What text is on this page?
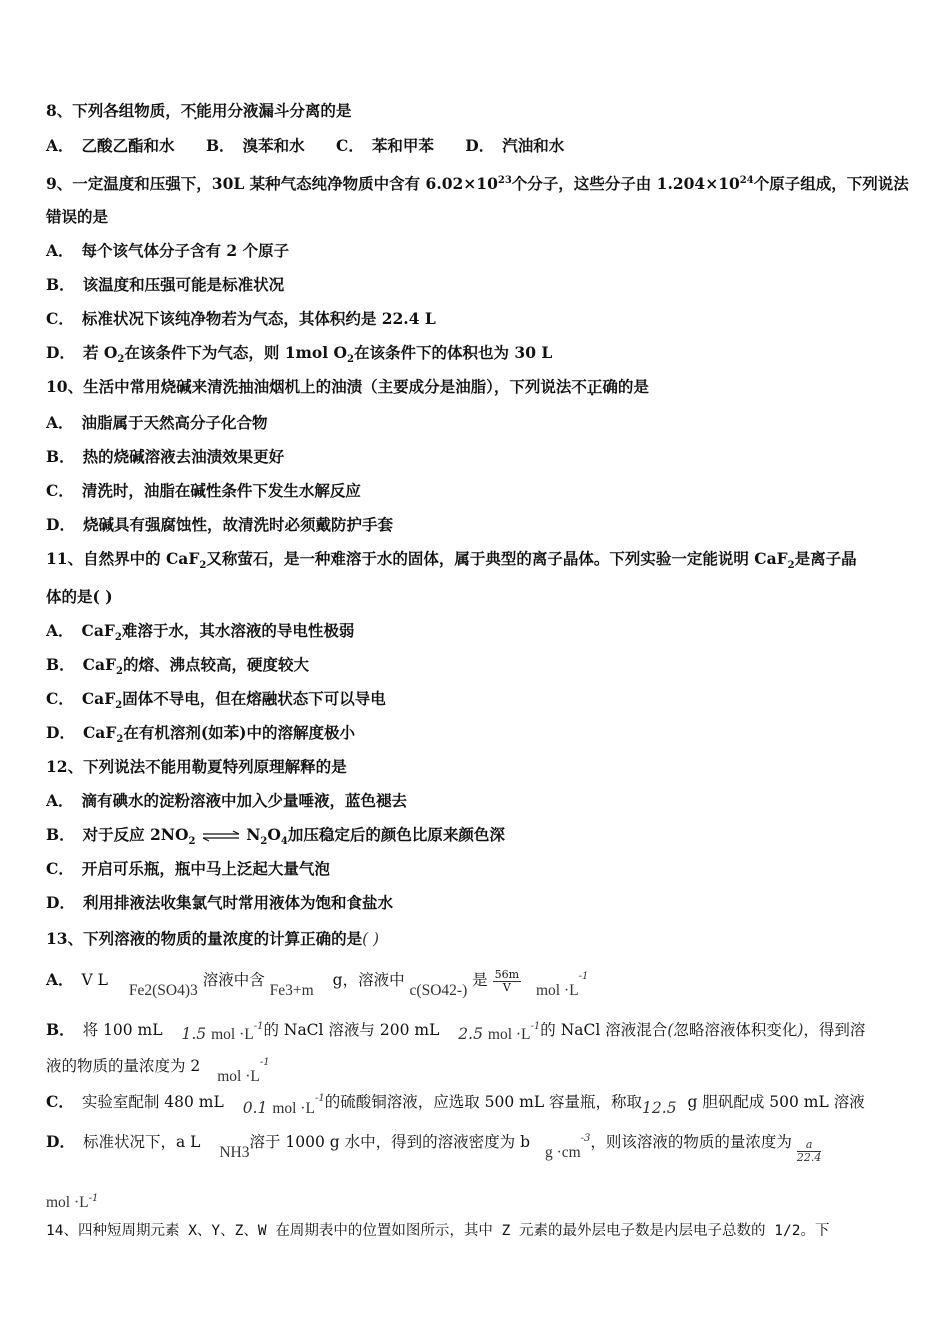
8、下列各组物质，不能用分液漏斗分离的是
A． 乙酸乙酯和水 B． 溴苯和水 C． 苯和甲苯 D． 汽油和水
9、一定温度和压强下，30L 某种气态纯净物质中含有 $6.02\times 10^{23}$个分子，这些分子由 $1.204\times 10^{24}$个原子组成，下列说法
错误的是
A． 每个该气体分子含有 2 个原子
B． 该温度和压强可能是标准状况
C． 标准状况下该纯净物若为气态，其体积约是 22.4 L
D． 若 $O_2$在该条件下为气态，则 1mol $O_2$在该条件下的体积也为 30 L
10、生活中常用烧碱来清洗抽油烟机上的油渍（主要成分是油脂），下列说法不正确的是
A． 油脂属于天然高分子化合物
B． 热的烧碱溶液去油渍效果更好
C． 清洗时，油脂在碱性条件下发生水解反应
D． 烧碱具有强腐蚀性，故清洗时必须戴防护手套
11、自然界中的 CaF$_2$又称萤石，是一种难溶于水的固体，属于典型的离子晶体。下列实验一定能说明 CaF$_2$是离子晶
体的是( )
A． CaF$_2$难溶于水，其水溶液的导电性极弱
B． CaF$_2$的熔、沸点较高，硬度较大
C． CaF$_2$固体不导电，但在熔融状态下可以导电
D． CaF$_2$在有机溶剂(如苯)中的溶解度极小
12、下列说法不能用勒夏特列原理解释的是
A． 滴有碘水的淀粉溶液中加入少量唾液，蓝色褪去
B． 对于反应 $2NO_2$ ⇌ $N_2O_4$加压稳定后的颜色比原来颜色深
C． 开启可乐瓶，瓶中马上泛起大量气泡
D． 利用排液法收集氯气时常用液体为饱和食盐水
13、下列溶液的物质的量浓度的计算正确的是( )
A． V L Fe2(SO4)3 溶液中含 Fe3+m g，溶液中 c(SO42-) 是 $\frac{56m}{V}$ mol $\cdot L^{-1}$
B． 将 100 mL 1.5 mol $\cdot L^{-1}$的 NaCl 溶液与 200 mL 2.5 mol $\cdot L^{-1}$的 NaCl 溶液混合(忽略溶液体积变化)，得到溶
液的物质的量浓度为 2 mol $\cdot L^{-1}$
C． 实验室配制 480 mL 0.1 mol $\cdot L^{-1}$的硫酸铜溶液，应选取 500 mL 容量瓶，称取12.5 g 胆矾配成 500 mL 溶液
D． 标准状况下，a L NH3溶于 1000 g 水中，得到的溶液密度为 b $g \cdot cm^{-3}$，则该溶液的物质的量浓度为 $\frac{a}{22.4}$
mol $\cdot L^{-1}$
14、四种短周期元素 X、Y、Z、W 在周期表中的位置如图所示，其中 Z 元素的最外层电子数是内层电子总数的 1/2。下
